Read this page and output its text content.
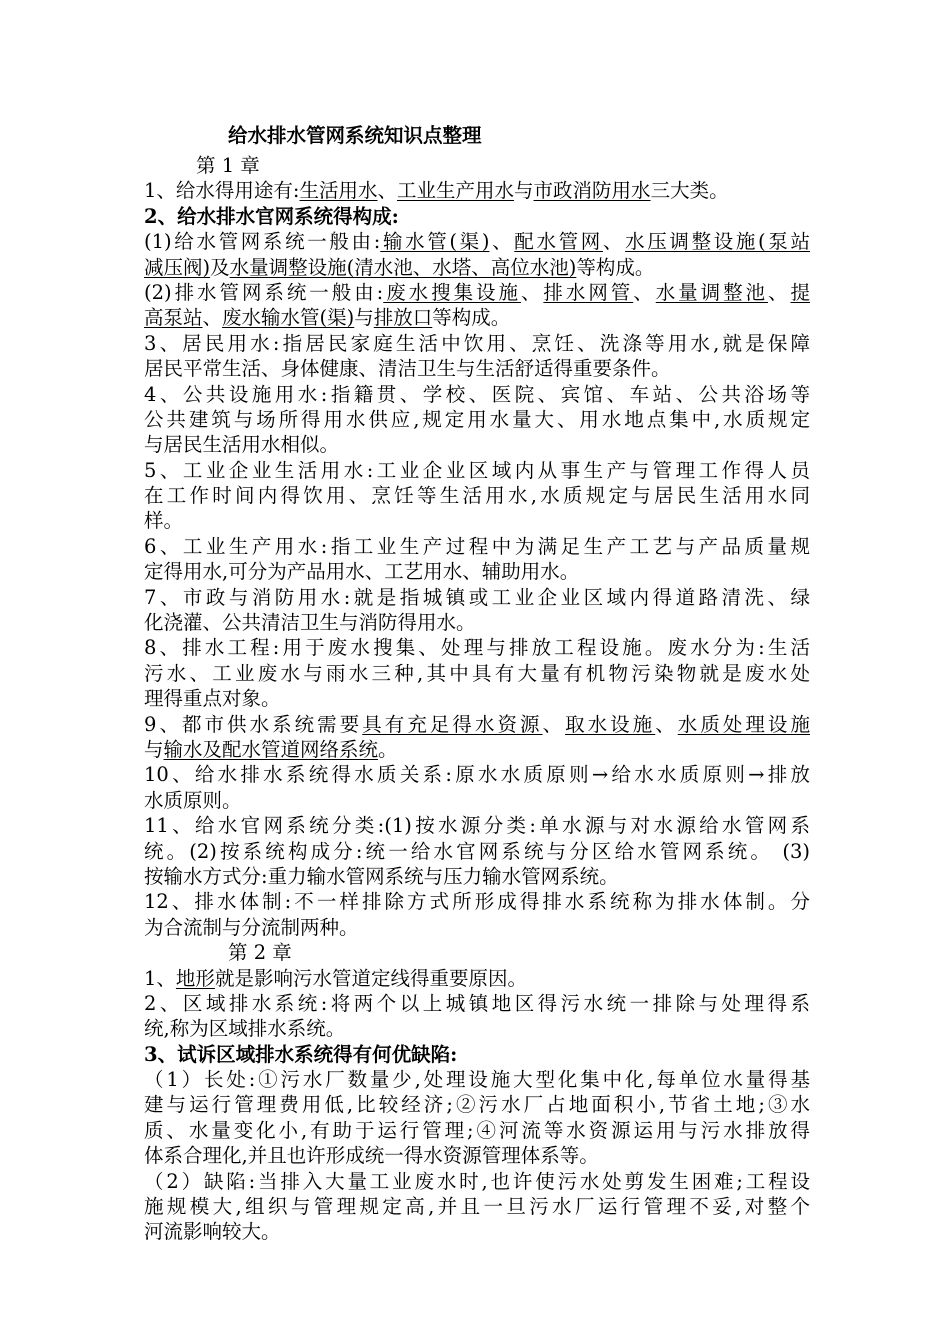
给水排水管网系统知识点整理
第 1 章
1、给水得用途有:生活用水、工业生产用水与市政消防用水三大类。
2、给水排水官网系统得构成:
(1)给水管网系统一般由:输水管(渠)、配水管网、水压调整设施(泵站
减压阀)及水量调整设施(清水池、水塔、高位水池)等构成。
(2)排水管网系统一般由:废水搜集设施、排水网管、水量调整池、提
高泵站、废水输水管(渠)与排放口等构成。
3、居民用水:指居民家庭生活中饮用、烹饪、洗涤等用水,就是保障
居民平常生活、身体健康、清洁卫生与生活舒适得重要条件。
4、公共设施用水:指籍贯、学校、医院、宾馆、车站、公共浴场等
公共建筑与场所得用水供应,规定用水量大、用水地点集中,水质规定
与居民生活用水相似。
5、工业企业生活用水:工业企业区域内从事生产与管理工作得人员
在工作时间内得饮用、烹饪等生活用水,水质规定与居民生活用水同
样。
6、工业生产用水:指工业生产过程中为满足生产工艺与产品质量规
定得用水,可分为产品用水、工艺用水、辅助用水。
7、市政与消防用水:就是指城镇或工业企业区域内得道路清洗、绿
化浇灌、公共清洁卫生与消防得用水。
8、排水工程:用于废水搜集、处理与排放工程设施。废水分为:生活
污水、工业废水与雨水三种,其中具有大量有机物污染物就是废水处
理得重点对象。
9、都市供水系统需要具有充足得水资源、取水设施、水质处理设施
与输水及配水管道网络系统。
10、给水排水系统得水质关系:原水水质原则→给水水质原则→排放
水质原则。
11、给水官网系统分类:(1)按水源分类:单水源与对水源给水管网系
统。(2)按系统构成分:统一给水官网系统与分区给水管网系统。 (3)
按输水方式分:重力输水管网系统与压力输水管网系统。
12、排水体制:不一样排除方式所形成得排水系统称为排水体制。分
为合流制与分流制两种。
第 2 章
1、地形就是影响污水管道定线得重要原因。
2、区域排水系统:将两个以上城镇地区得污水统一排除与处理得系
统,称为区域排水系统。
3、试诉区域排水系统得有何优缺陷:
（1）长处:①污水厂数量少,处理设施大型化集中化,每单位水量得基
建与运行管理费用低,比较经济;②污水厂占地面积小,节省土地;③水
质、水量变化小,有助于运行管理;④河流等水资源运用与污水排放得
体系合理化,并且也许形成统一得水资源管理体系等。
（2）缺陷:当排入大量工业废水时,也许使污水处剪发生困难;工程设
施规模大,组织与管理规定高,并且一旦污水厂运行管理不妥,对整个
河流影响较大。
